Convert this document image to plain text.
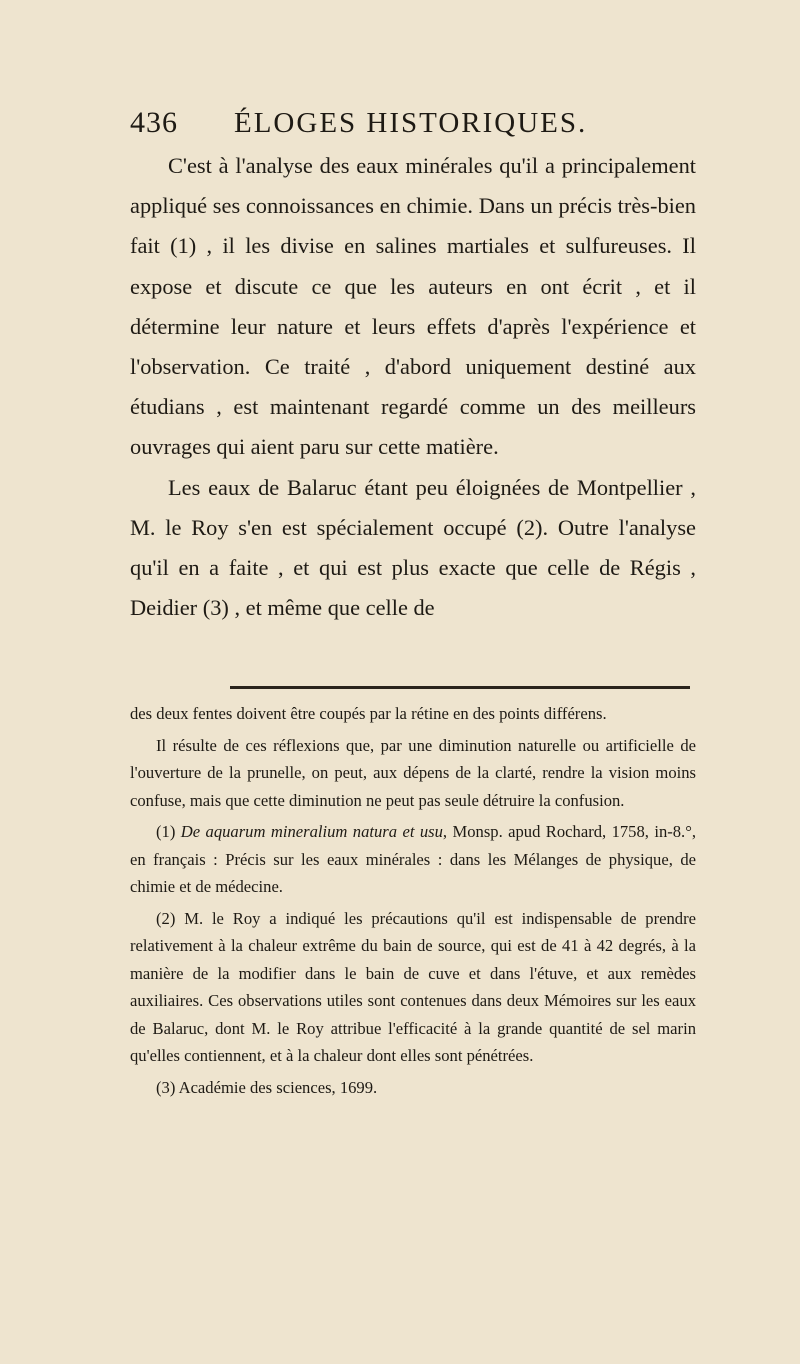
436 ÉLOGES HISTORIQUES.

C'est à l'analyse des eaux minérales qu'il a principalement appliqué ses connoissances en chimie. Dans un précis très-bien fait (1) , il les divise en salines martiales et sulfureuses. Il expose et discute ce que les auteurs en ont écrit , et il détermine leur nature et leurs effets d'après l'expérience et l'observation. Ce traité , d'abord uniquement destiné aux étudians , est maintenant regardé comme un des meilleurs ouvrages qui aient paru sur cette matière.

Les eaux de Balaruc étant peu éloignées de Montpellier , M. le Roy s'en est spécialement occupé (2). Outre l'analyse qu'il en a faite , et qui est plus exacte que celle de Régis , Deidier (3) , et même que celle de

des deux fentes doivent être coupés par la rétine en des points différens.

Il résulte de ces réflexions que, par une diminution naturelle ou artificielle de l'ouverture de la prunelle, on peut, aux dépens de la clarté, rendre la vision moins confuse, mais que cette diminution ne peut pas seule détruire la confusion.

(1) De aquarum mineralium natura et usu, Monsp. apud Rochard, 1758, in-8.°, en français : Précis sur les eaux minérales : dans les Mélanges de physique, de chimie et de médecine.

(2) M. le Roy a indiqué les précautions qu'il est indispensable de prendre relativement à la chaleur extrême du bain de source, qui est de 41 à 42 degrés, à la manière de la modifier dans le bain de cuve et dans l'étuve, et aux remèdes auxiliaires. Ces observations utiles sont contenues dans deux Mémoires sur les eaux de Balaruc, dont M. le Roy attribue l'efficacité à la grande quantité de sel marin qu'elles contiennent, et à la chaleur dont elles sont pénétrées.

(3) Académie des sciences, 1699.
